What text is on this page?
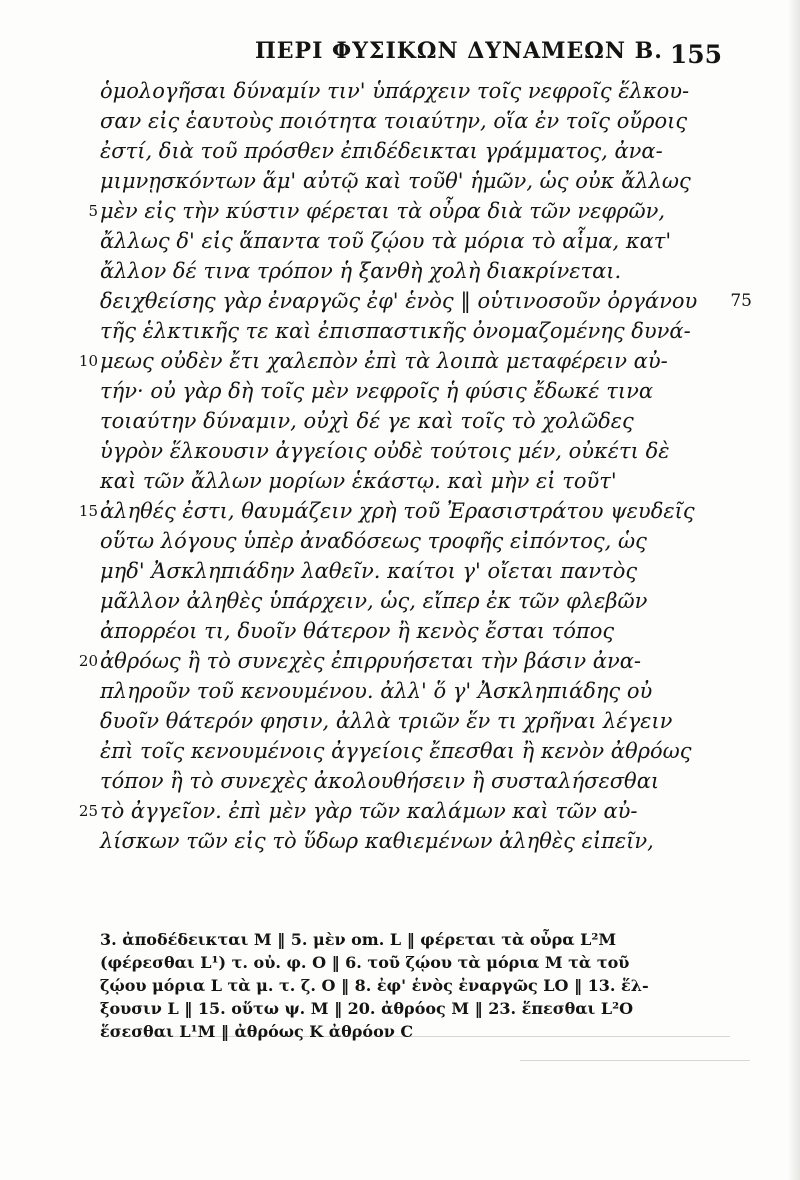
ΠΕΡΙ ΦΥΣΙΚΩΝ ΔΥΝΑΜΕΩΝ Β. 155
ὁμολογῆσαι δύναμίν τιν' ὑπάρχειν τοῖς νεφροῖς ἕλκου-
σαν εἰς ἑαυτοὺς ποιότητα τοιαύτην, οἵα ἐν τοῖς οὔροις
ἐστί, διὰ τοῦ πρόσθεν ἐπιδέδεικται γράμματος, ἀνα-
μιμνῃσκόντων ἅμ' αὐτῷ καὶ τοῦθ' ἡμῶν, ὡς οὐκ ἄλλως
μὲν εἰς τὴν κύστιν φέρεται τὰ οὖρα διὰ τῶν νεφρῶν,
ἄλλως δ' εἰς ἅπαντα τοῦ ζῴου τὰ μόρια τὸ αἷμα, κατ'
ἄλλον δέ τινα τρόπον ἡ ξανθὴ χολὴ διακρίνεται.
δειχθείσης γὰρ ἐναργῶς ἐφ' ἑνὸς ‖ οὑτινοσοῦν ὀργάνου
τῆς ἑλκτικῆς τε καὶ ἐπισπαστικῆς ὀνομαζομένης δυνά-
μεως οὐδὲν ἔτι χαλεπὸν ἐπὶ τὰ λοιπὰ μεταφέρειν αὐ-
τήν· οὐ γὰρ δὴ τοῖς μὲν νεφροῖς ἡ φύσις ἔδωκέ τινα
τοιαύτην δύναμιν, οὐχὶ δέ γε καὶ τοῖς τὸ χολῶδες
ὑγρὸν ἕλκουσιν ἀγγείοις οὐδὲ τούτοις μέν, οὐκέτι δὲ
καὶ τῶν ἄλλων μορίων ἑκάστῳ. καὶ μὴν εἰ τοῦτ'
ἀληθές ἐστι, θαυμάζειν χρὴ τοῦ Ἐρασιστράτου ψευδεῖς
οὕτω λόγους ὑπὲρ ἀναδόσεως τροφῆς εἰπόντος, ὡς
μηδ' Ἀσκληπιάδην λαθεῖν. καίτοι γ' οἴεται παντὸς
μᾶλλον ἀληθὲς ὑπάρχειν, ὡς, εἴπερ ἐκ τῶν φλεβῶν
ἀπορρέοι τι, δυοῖν θάτερον ἢ κενὸς ἔσται τόπος
ἀθρόως ἢ τὸ συνεχὲς ἐπιρρυήσεται τὴν βάσιν ἀνα-
πληροῦν τοῦ κενουμένου. ἀλλ' ὅ γ' Ἀσκληπιάδης οὐ
δυοῖν θάτερόν φησιν, ἀλλὰ τριῶν ἕν τι χρῆναι λέγειν
ἐπὶ τοῖς κενουμένοις ἀγγείοις ἔπεσθαι ἢ κενὸν ἀθρόως
τόπον ἢ τὸ συνεχὲς ἀκολουθήσειν ἢ συσταλήσεσθαι
τὸ ἀγγεῖον. ἐπὶ μὲν γὰρ τῶν καλάμων καὶ τῶν αὐ-
λίσκων τῶν εἰς τὸ ὕδωρ καθιεμένων ἀληθὲς εἰπεῖν,
5
10
15
20
25
75
3. ἀποδέδεικται M ‖ 5. μὲν om. L ‖ φέρεται τὰ οὖρα L²M
(φέρεσθαι L¹) τ. οὐ. φ. O ‖ 6. τοῦ ζῴου τὰ μόρια M τὰ τοῦ
ζῴου μόρια L τὰ μ. τ. ζ. O ‖ 8. ἐφ' ἑνὸς ἐναργῶς LO ‖ 13. ἕλ-
ξουσιν L ‖ 15. οὕτω ψ. M ‖ 20. ἀθρόος M ‖ 23. ἕπεσθαι L²O
ἕσεσθαι L¹M ‖ ἀθρόως K ἀθρόον C
